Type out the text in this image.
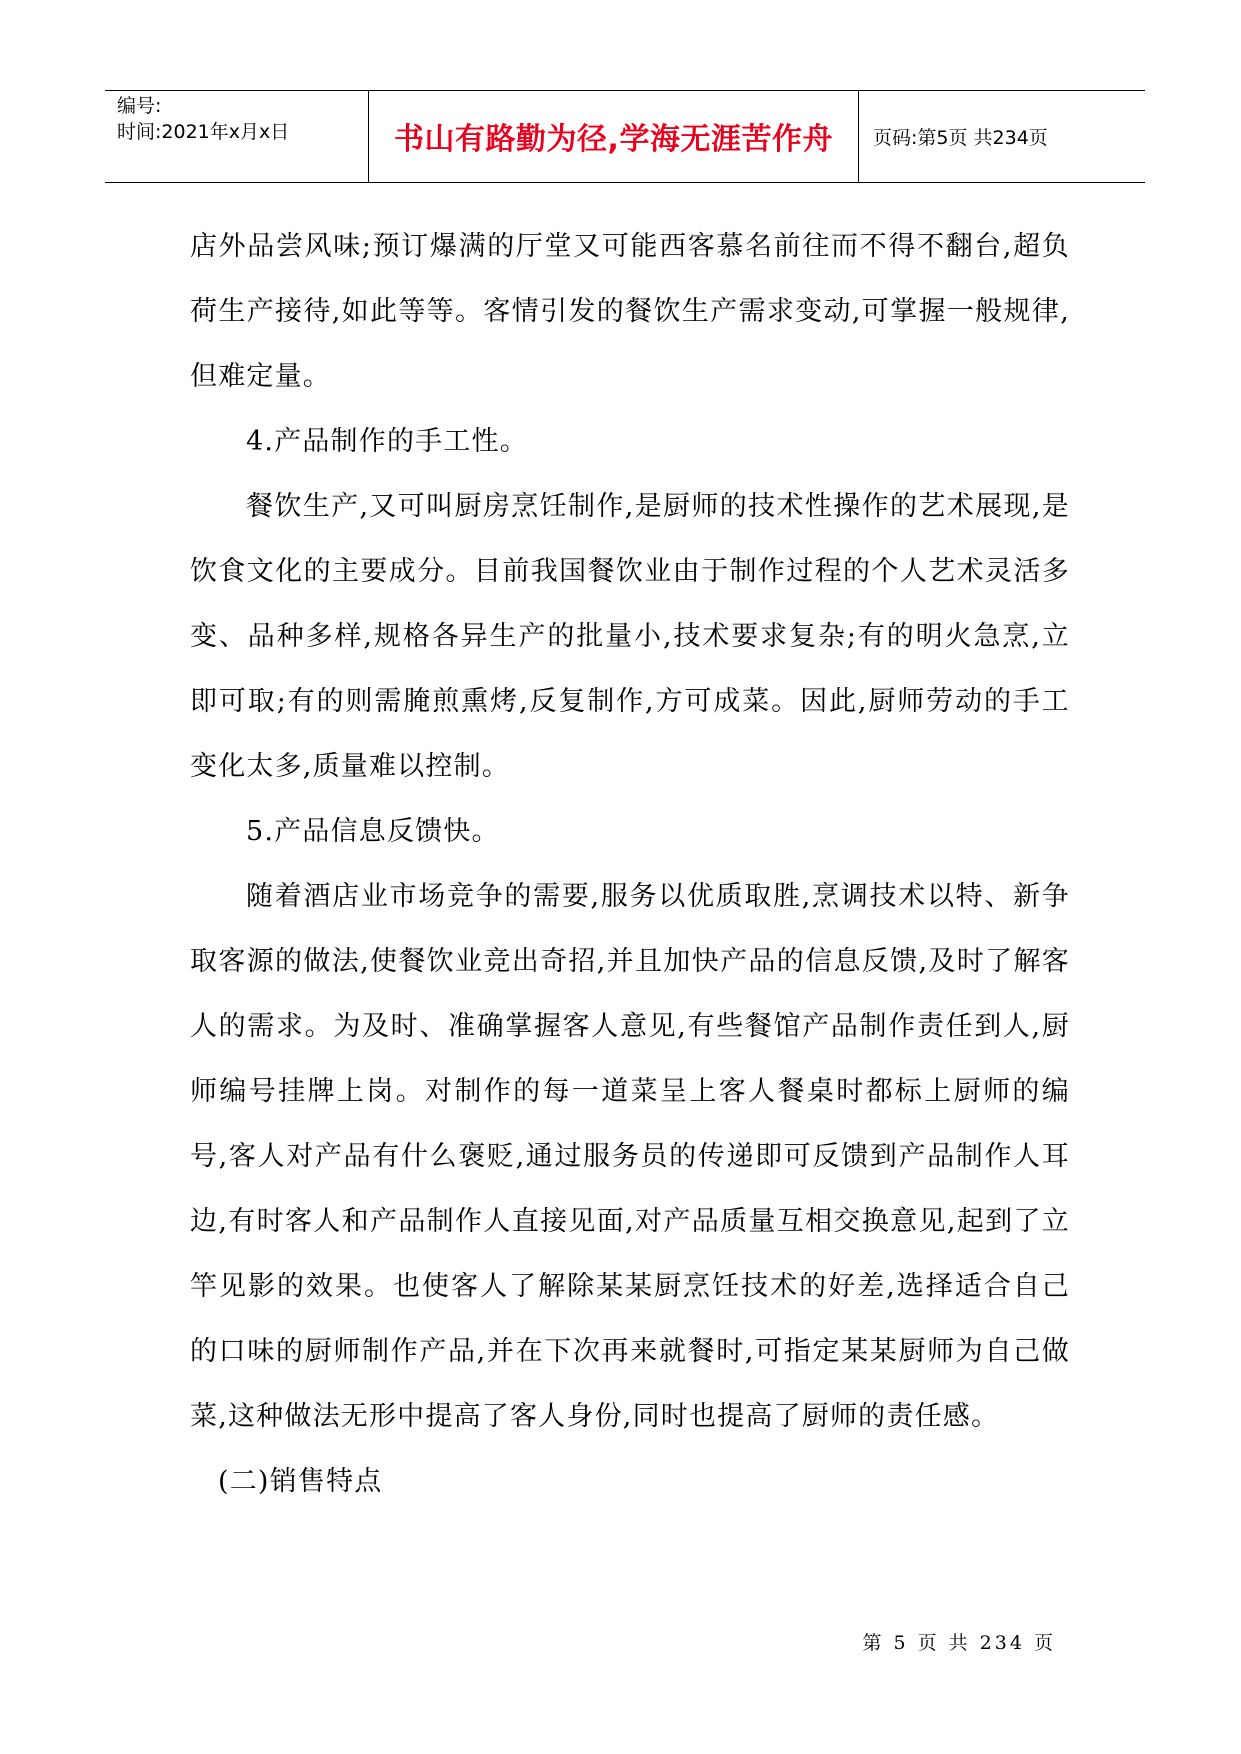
编号:
时间:2021年x月x日	书山有路勤为径,学海无涯苦作舟	页码:第5页 共234页

店外品尝风味;预订爆满的厅堂又可能西客慕名前往而不得不翻台,超负荷生产接待,如此等等。客情引发的餐饮生产需求变动,可掌握一般规律,但难定量。

4.产品制作的手工性。

餐饮生产,又可叫厨房烹饪制作,是厨师的技术性操作的艺术展现,是饮食文化的主要成分。目前我国餐饮业由于制作过程的个人艺术灵活多变、品种多样,规格各异生产的批量小,技术要求复杂;有的明火急烹,立即可取;有的则需腌煎熏烤,反复制作,方可成菜。因此,厨师劳动的手工变化太多,质量难以控制。

5.产品信息反馈快。

随着酒店业市场竞争的需要,服务以优质取胜,烹调技术以特、新争取客源的做法,使餐饮业竞出奇招,并且加快产品的信息反馈,及时了解客人的需求。为及时、准确掌握客人意见,有些餐馆产品制作责任到人,厨师编号挂牌上岗。对制作的每一道菜呈上客人餐桌时都标上厨师的编号,客人对产品有什么褒贬,通过服务员的传递即可反馈到产品制作人耳边,有时客人和产品制作人直接见面,对产品质量互相交换意见,起到了立竿见影的效果。也使客人了解除某某厨烹饪技术的好差,选择适合自己的口味的厨师制作产品,并在下次再来就餐时,可指定某某厨师为自己做菜,这种做法无形中提高了客人身份,同时也提高了厨师的责任感。

(二)销售特点

第 5 页 共 234 页
